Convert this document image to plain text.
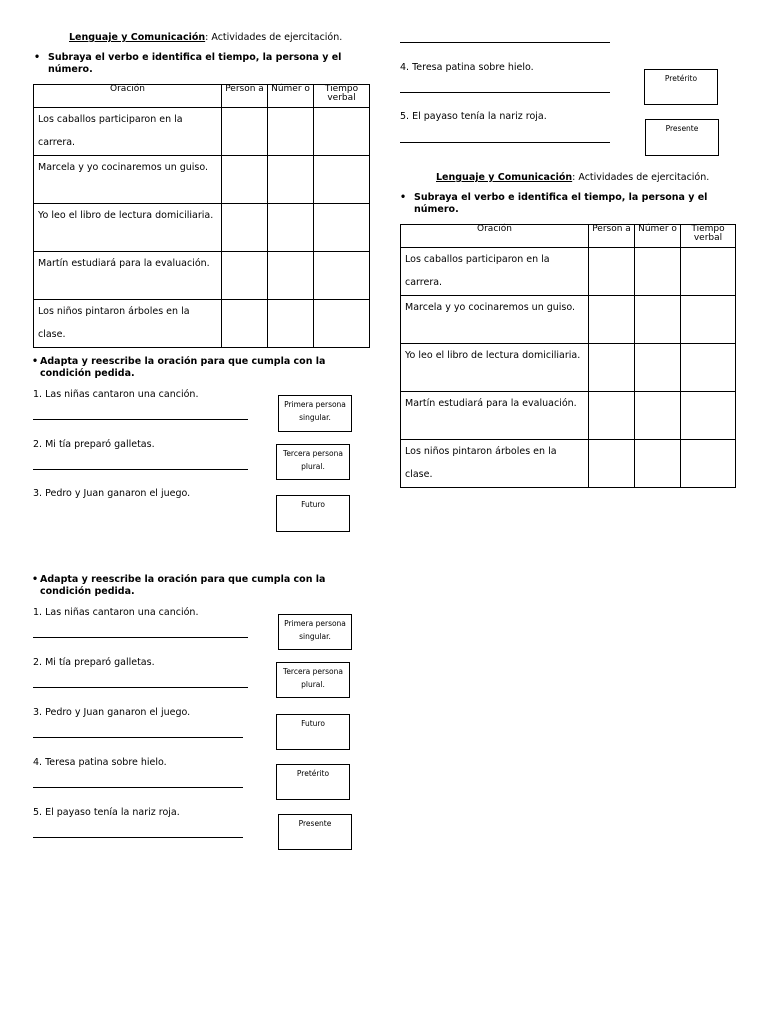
Lenguaje y Comunicación: Actividades de ejercitación.
• Subraya el verbo e identifica el tiempo, la persona y el número.
Oración	Person a	Númer o	Tiempo verbal
Los caballos participaron en la carrera.			
Marcela y yo cocinaremos un guiso.			
Yo leo el libro de lectura domiciliaria.			
Martín estudiará para la evaluación.			
Los niños pintaron árboles en la clase.			
• Adapta y reescribe la oración para que cumpla con la condición pedida.
1. Las niñas cantaron una canción.
Primera persona singular.
2. Mi tía preparó galletas.
Tercera persona plural.
3. Pedro y Juan ganaron el juego.
Futuro
• Adapta y reescribe la oración para que cumpla con la condición pedida.
1. Las niñas cantaron una canción.
Primera persona singular.
2. Mi tía preparó galletas.
Tercera persona plural.
3. Pedro y Juan ganaron el juego.
Futuro
4. Teresa patina sobre hielo.
Pretérito
5. El payaso tenía la nariz roja.
Presente
4. Teresa patina sobre hielo.
Pretérito
5. El payaso tenía la nariz roja.
Presente
Lenguaje y Comunicación: Actividades de ejercitación.
• Subraya el verbo e identifica el tiempo, la persona y el número.
Oración	Person a	Númer o	Tiempo verbal
Los caballos participaron en la carrera.			
Marcela y yo cocinaremos un guiso.			
Yo leo el libro de lectura domiciliaria.			
Martín estudiará para la evaluación.			
Los niños pintaron árboles en la clase.			
